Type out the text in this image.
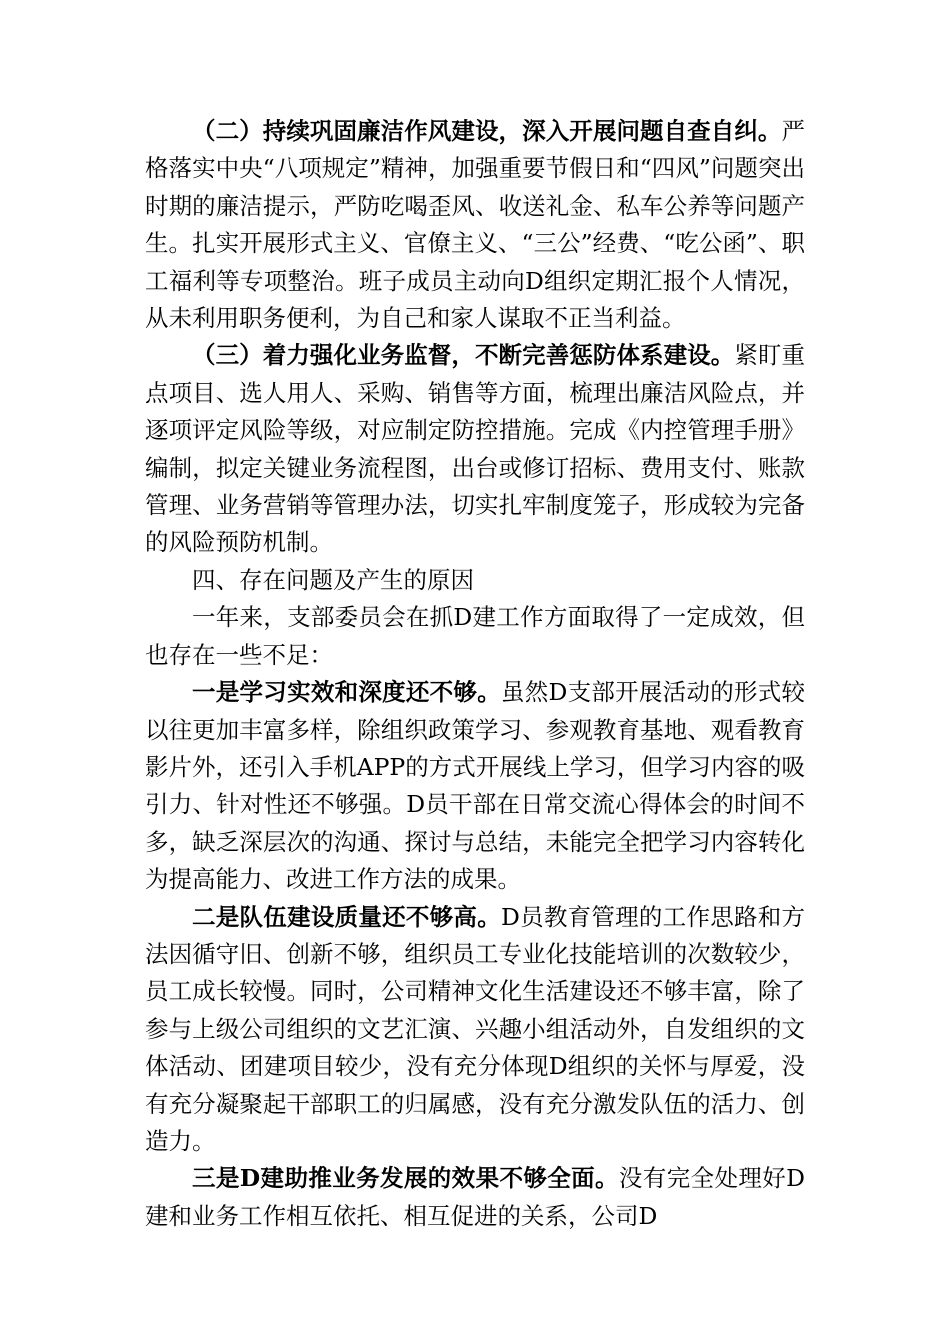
（二）持续巩固廉洁作风建设，深入开展问题自查自纠。严格落实中央“八项规定”精神，加强重要节假日和“四风”问题突出时期的廉洁提示，严防吃喝歪风、收送礼金、私车公养等问题产生。扎实开展形式主义、官僚主义、“三公”经费、“吃公函”、职工福利等专项整治。班子成员主动向D组织定期汇报个人情况，从未利用职务便利，为自己和家人谋取不正当利益。

（三）着力强化业务监督，不断完善惩防体系建设。紧盯重点项目、选人用人、采购、销售等方面，梳理出廉洁风险点，并逐项评定风险等级，对应制定防控措施。完成《内控管理手册》编制，拟定关键业务流程图，出台或修订招标、费用支付、账款管理、业务营销等管理办法，切实扎牢制度笼子，形成较为完备的风险预防机制。

四、存在问题及产生的原因

一年来，支部委员会在抓D建工作方面取得了一定成效，但也存在一些不足：

一是学习实效和深度还不够。虽然D支部开展活动的形式较以往更加丰富多样，除组织政策学习、参观教育基地、观看教育影片外，还引入手机APP的方式开展线上学习，但学习内容的吸引力、针对性还不够强。D员干部在日常交流心得体会的时间不多，缺乏深层次的沟通、探讨与总结，未能完全把学习内容转化为提高能力、改进工作方法的成果。

二是队伍建设质量还不够高。D员教育管理的工作思路和方法因循守旧、创新不够，组织员工专业化技能培训的次数较少，员工成长较慢。同时，公司精神文化生活建设还不够丰富，除了参与上级公司组织的文艺汇演、兴趣小组活动外，自发组织的文体活动、团建项目较少，没有充分体现D组织的关怀与厚爱，没有充分凝聚起干部职工的归属感，没有充分激发队伍的活力、创造力。

三是D建助推业务发展的效果不够全面。没有完全处理好D建和业务工作相互依托、相互促进的关系，公司D
